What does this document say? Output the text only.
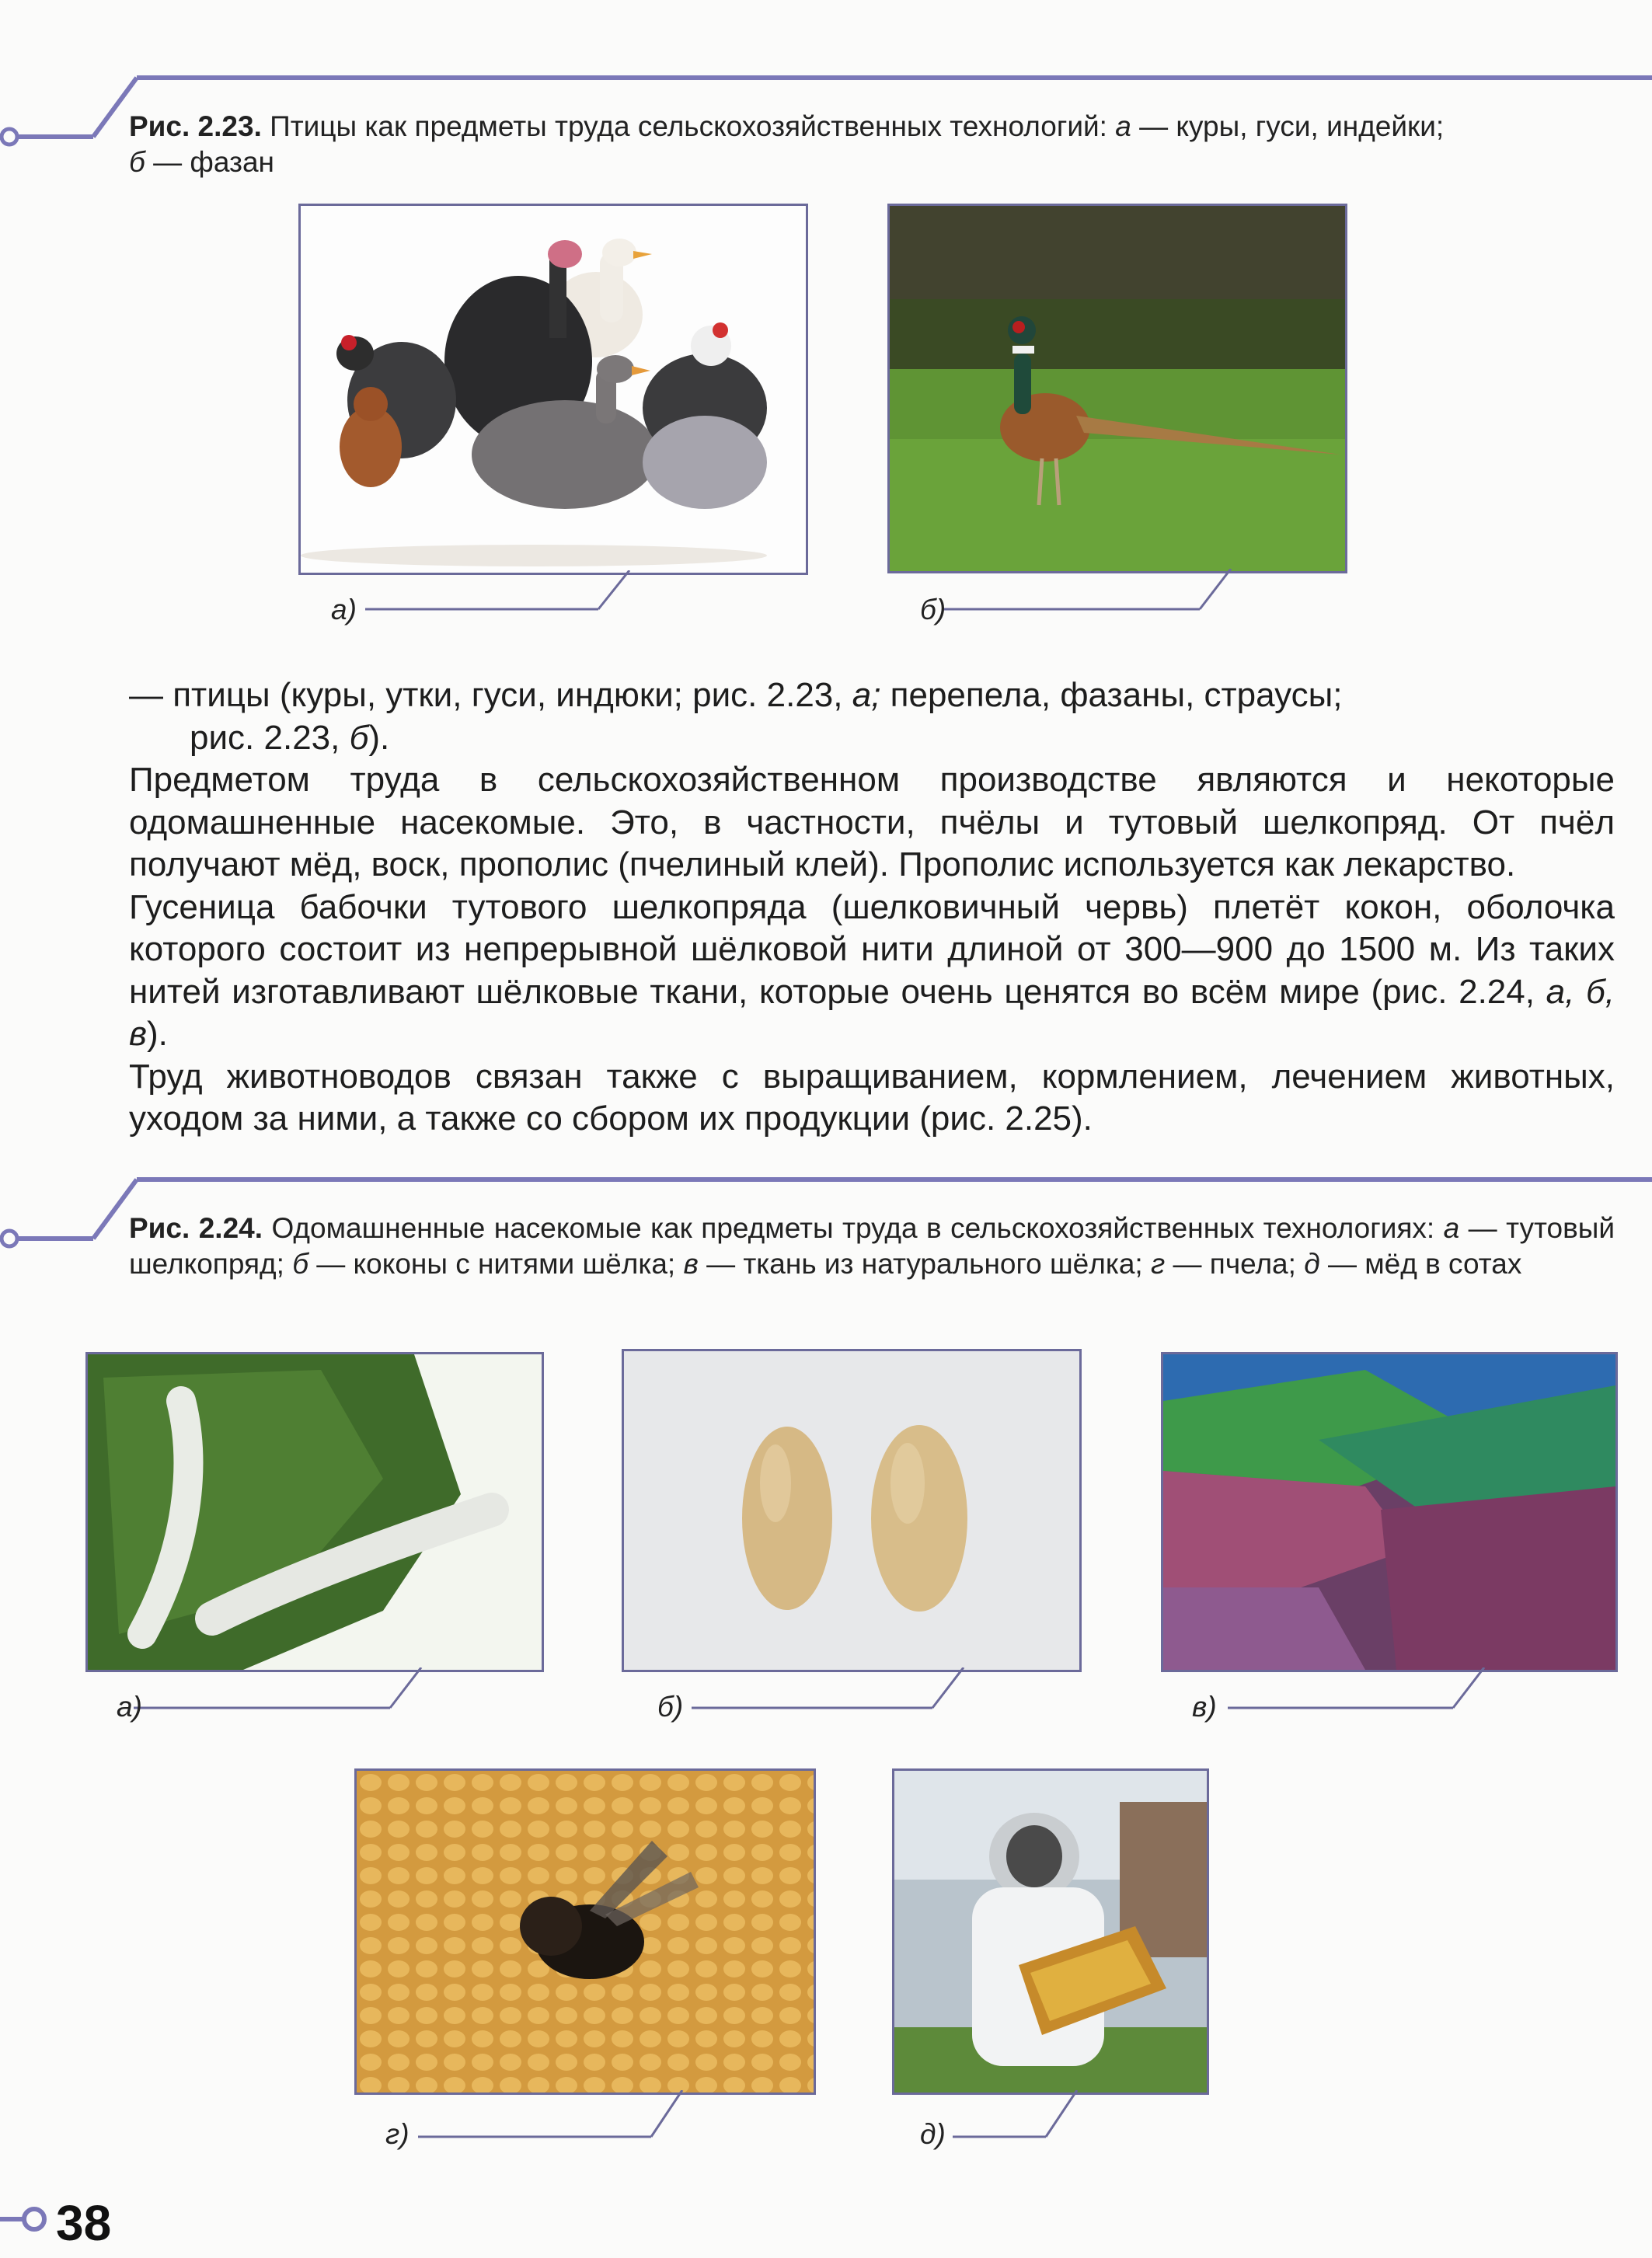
Рис. 2.23. Птицы как предметы труда сельскохозяйственных технологий: а — куры, гуси, индейки;
б — фазан
а)	б)

— птицы (куры, утки, гуси, индюки; рис. 2.23, а; перепела, фазаны, страусы;
рис. 2.23, б).

Предметом труда в сельскохозяйственном производстве являются и некоторые одомашненные насекомые. Это, в частности, пчёлы и тутовый шелкопряд. От пчёл получают мёд, воск, прополис (пчелиный клей). Прополис используется как лекарство.

Гусеница бабочки тутового шелкопряда (шелковичный червь) плетёт кокон, оболочка которого состоит из непрерывной шёлковой нити длиной от 300—900 до 1500 м. Из таких нитей изготавливают шёлковые ткани, которые очень ценятся во всём мире (рис. 2.24, а, б, в).

Труд животноводов связан также с выращиванием, кормлением, лечением животных, уходом за ними, а также со сбором их продукции (рис. 2.25).

Рис. 2.24. Одомашненные насекомые как предметы труда в сельскохозяйственных технологиях: а — тутовый шелкопряд; б — коконы с нитями шёлка; в — ткань из натурального шёлка; г — пчела; д — мёд в сотах
а)	б)	в)
г)	д)
38
